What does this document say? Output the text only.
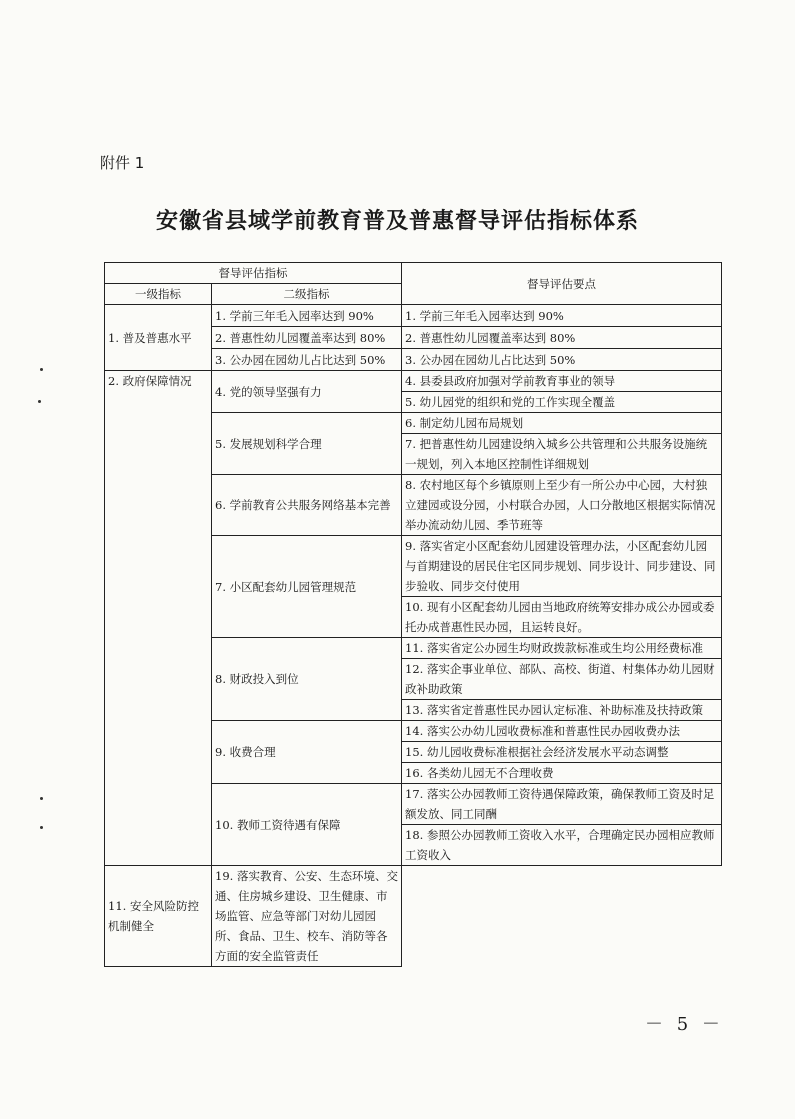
附件 1
安徽省县域学前教育普及普惠督导评估指标体系
督导评估指标		督导评估要点
一级指标	二级指标	
1. 普及普惠水平	1. 学前三年毛入园率达到 90%	1. 学前三年毛入园率达到 90%
	2. 普惠性幼儿园覆盖率达到 80%	2. 普惠性幼儿园覆盖率达到 80%
	3. 公办园在园幼儿占比达到 50%	3. 公办园在园幼儿占比达到 50%
2. 政府保障情况	4. 党的领导坚强有力	4. 县委县政府加强对学前教育事业的领导
		5. 幼儿园党的组织和党的工作实现全覆盖
	5. 发展规划科学合理	6. 制定幼儿园布局规划
		7. 把普惠性幼儿园建设纳入城乡公共管理和公共服务设施统一规划，列入本地区控制性详细规划
	6. 学前教育公共服务网络基本完善	8. 农村地区每个乡镇原则上至少有一所公办中心园，大村独立建园或设分园，小村联合办园，人口分散地区根据实际情况举办流动幼儿园、季节班等
	7. 小区配套幼儿园管理规范	9. 落实省定小区配套幼儿园建设管理办法，小区配套幼儿园与首期建设的居民住宅区同步规划、同步设计、同步建设、同步验收、同步交付使用
		10. 现有小区配套幼儿园由当地政府统筹安排办成公办园或委托办成普惠性民办园，且运转良好。
	8. 财政投入到位	11. 落实省定公办园生均财政拨款标准或生均公用经费标准
		12. 落实企事业单位、部队、高校、街道、村集体办幼儿园财政补助政策
		13. 落实省定普惠性民办园认定标准、补助标准及扶持政策
	9. 收费合理	14. 落实公办幼儿园收费标准和普惠性民办园收费办法
		15. 幼儿园收费标准根据社会经济发展水平动态调整
		16. 各类幼儿园无不合理收费
	10. 教师工资待遇有保障	17. 落实公办园教师工资待遇保障政策，确保教师工资及时足额发放、同工同酬
		18. 参照公办园教师工资收入水平，合理确定民办园相应教师工资收入
11. 安全风险防控机制健全	19. 落实教育、公安、生态环境、交通、住房城乡建设、卫生健康、市场监管、应急等部门对幼儿园园所、食品、卫生、校车、消防等各方面的安全监管责任	
－ 5 －
